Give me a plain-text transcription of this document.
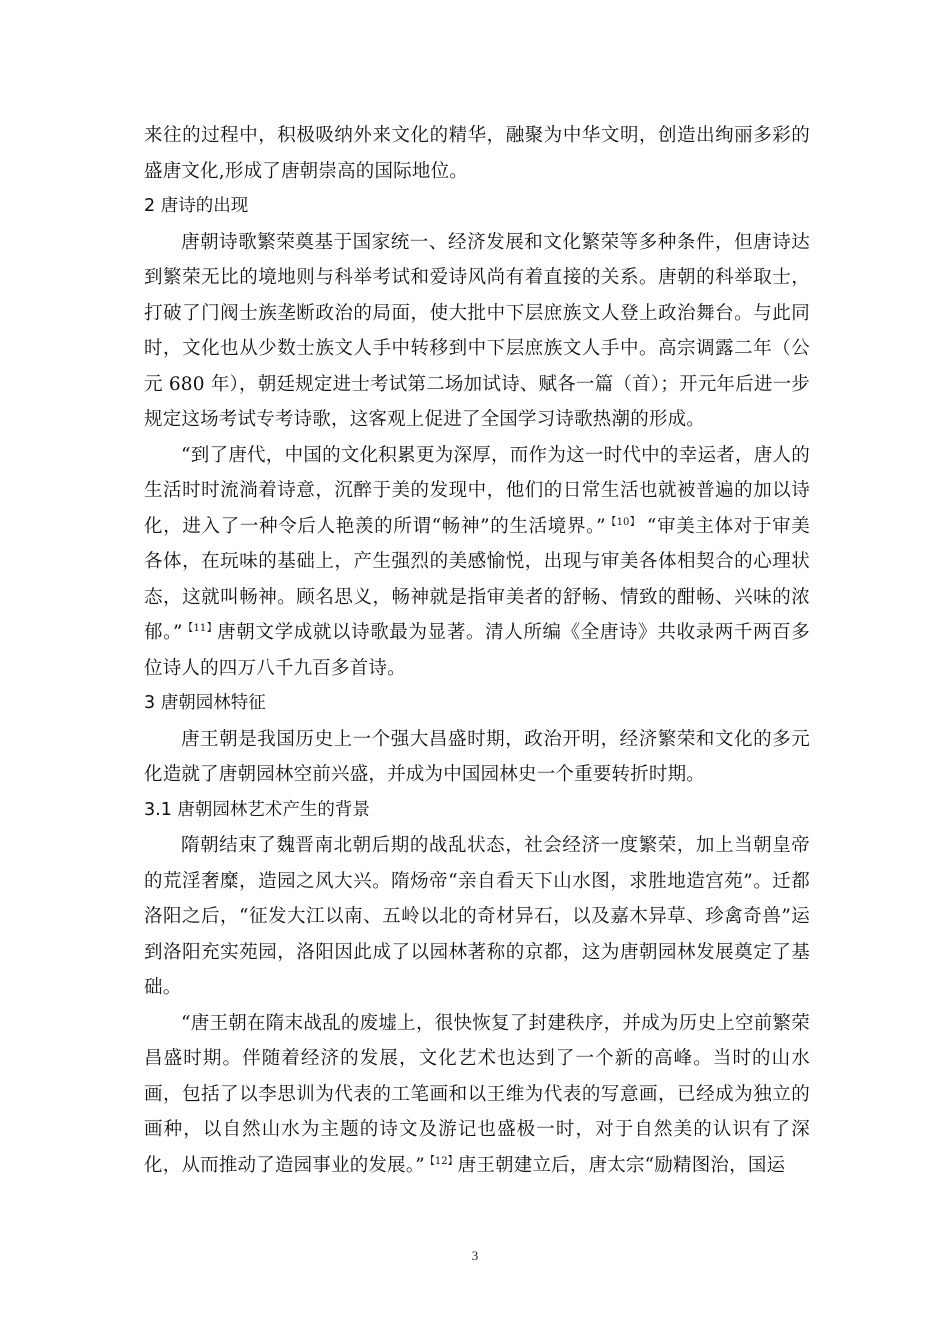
来往的过程中，积极吸纳外来文化的精华，融聚为中华文明，创造出绚丽多彩的盛唐文化,形成了唐朝崇高的国际地位。

2 唐诗的出现

唐朝诗歌繁荣奠基于国家统一、经济发展和文化繁荣等多种条件，但唐诗达到繁荣无比的境地则与科举考试和爱诗风尚有着直接的关系。唐朝的科举取士，打破了门阀士族垄断政治的局面，使大批中下层庶族文人登上政治舞台。与此同时，文化也从少数士族文人手中转移到中下层庶族文人手中。高宗调露二年（公元 680 年），朝廷规定进士考试第二场加试诗、赋各一篇（首）；开元年后进一步规定这场考试专考诗歌，这客观上促进了全国学习诗歌热潮的形成。

“到了唐代，中国的文化积累更为深厚，而作为这一时代中的幸运者，唐人的生活时时流淌着诗意，沉醉于美的发现中，他们的日常生活也就被普遍的加以诗化，进入了一种令后人艳羡的所谓“畅神”的生活境界。”$^{【10】}$ “审美主体对于审美各体，在玩味的基础上，产生强烈的美感愉悦，出现与审美各体相契合的心理状态，这就叫畅神。顾名思义，畅神就是指审美者的舒畅、情致的酣畅、兴味的浓郁。”$^{【11】}$唐朝文学成就以诗歌最为显著。清人所编《全唐诗》共收录两千两百多位诗人的四万八千九百多首诗。

3 唐朝园林特征

唐王朝是我国历史上一个强大昌盛时期，政治开明，经济繁荣和文化的多元化造就了唐朝园林空前兴盛，并成为中国园林史一个重要转折时期。

3.1 唐朝园林艺术产生的背景

隋朝结束了魏晋南北朝后期的战乱状态，社会经济一度繁荣，加上当朝皇帝的荒淫奢糜，造园之风大兴。隋炀帝“亲自看天下山水图，求胜地造宫苑”。迁都洛阳之后，“征发大江以南、五岭以北的奇材异石，以及嘉木异草、珍禽奇兽”运到洛阳充实苑园，洛阳因此成了以园林著称的京都，这为唐朝园林发展奠定了基础。

“唐王朝在隋末战乱的废墟上，很快恢复了封建秩序，并成为历史上空前繁荣昌盛时期。伴随着经济的发展，文化艺术也达到了一个新的高峰。当时的山水画，包括了以李思训为代表的工笔画和以王维为代表的写意画，已经成为独立的画种，以自然山水为主题的诗文及游记也盛极一时，对于自然美的认识有了深化，从而推动了造园事业的发展。”$^{【12】}$唐王朝建立后，唐太宗“励精图治，国运

3
